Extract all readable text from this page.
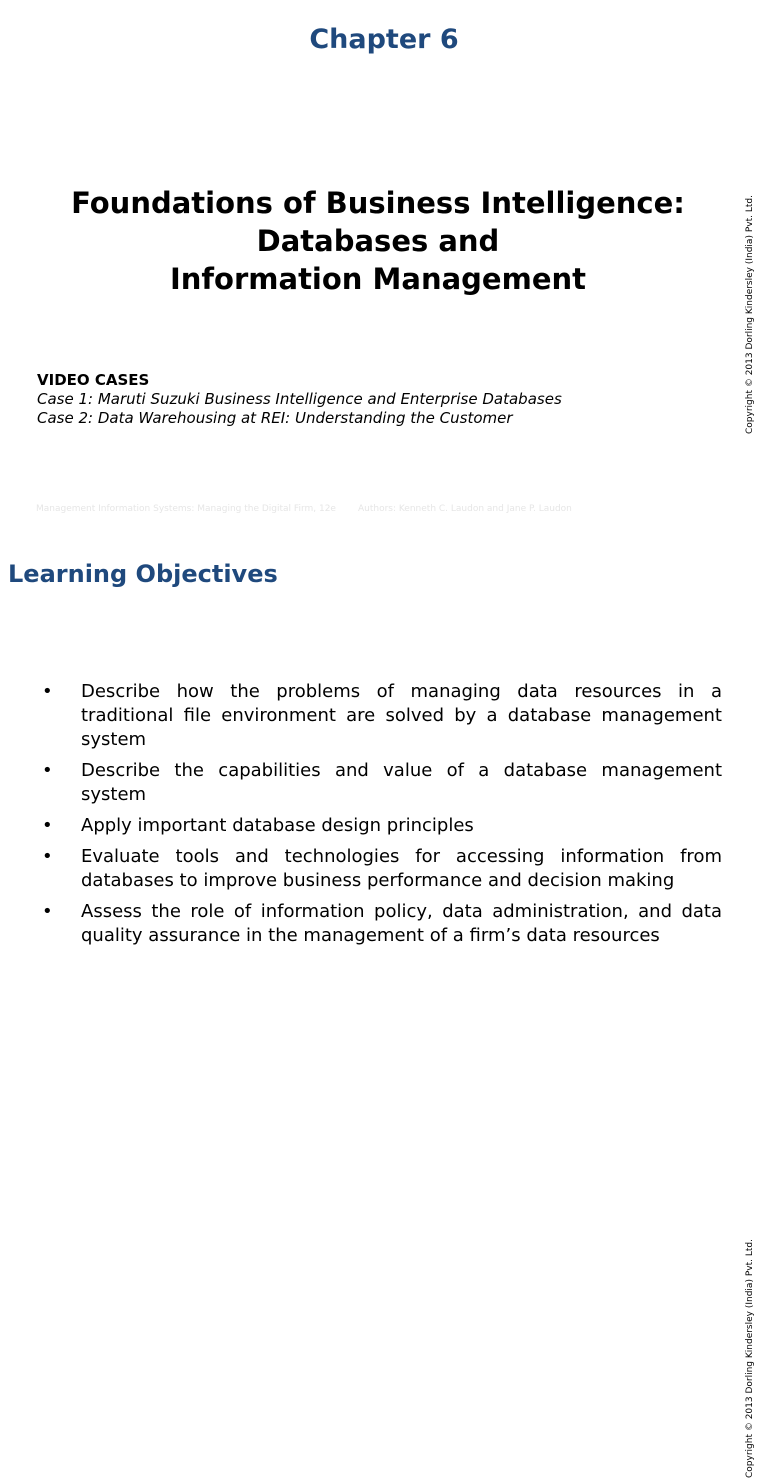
Chapter 6
Foundations of Business Intelligence:
Databases and
Information Management
VIDEO CASES
Case 1: Maruti Suzuki Business Intelligence and Enterprise Databases
Case 2: Data Warehousing at REI: Understanding the Customer
Management Information Systems: Managing the Digital Firm, 12e Authors: Kenneth C. Laudon and Jane P. Laudon
Copyright © 2013 Dorling Kindersley (India) Pvt. Ltd.
Learning Objectives
• Describe how the problems of managing data resources in a traditional file environment are solved by a database management system
• Describe the capabilities and value of a database management system
• Apply important database design principles
• Evaluate tools and technologies for accessing information from databases to improve business performance and decision making
• Assess the role of information policy, data administration, and data quality assurance in the management of a firm’s data resources
Copyright © 2013 Dorling Kindersley (India) Pvt. Ltd.
